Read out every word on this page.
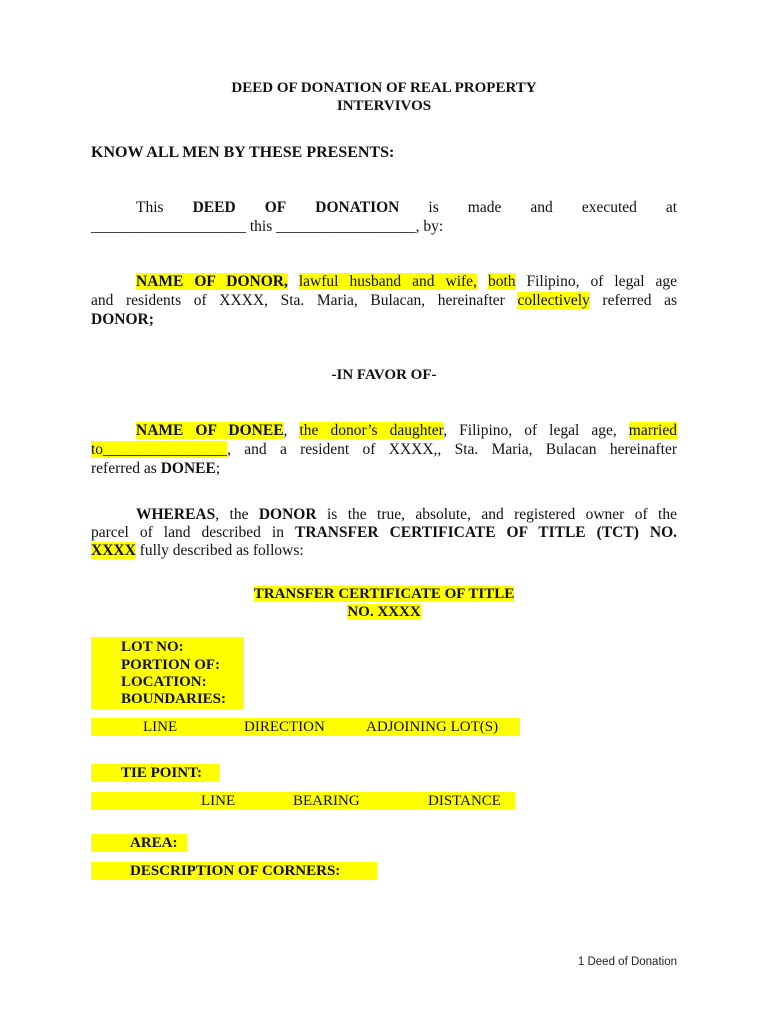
DEED OF DONATION OF REAL PROPERTY
INTERVIVOS
KNOW ALL MEN BY THESE PRESENTS:
This DEED OF DONATION is made and executed at
____________________ this __________________, by:
NAME OF DONOR, lawful husband and wife, both Filipino, of legal age
and residents of XXXX, Sta. Maria, Bulacan, hereinafter collectively referred as
DONOR;
-IN FAVOR OF-
NAME OF DONEE, the donor’s daughter, Filipino, of legal age, married
to________________, and a resident of XXXX,, Sta. Maria, Bulacan hereinafter
referred as DONEE;
WHEREAS, the DONOR is the true, absolute, and registered owner of the
parcel of land described in TRANSFER CERTIFICATE OF TITLE (TCT) NO.
XXXX fully described as follows:
TRANSFER CERTIFICATE OF TITLE
NO. XXXX
LOT NO:
PORTION OF:
LOCATION:
BOUNDARIES:
LINE	DIRECTION	ADJOINING LOT(S)
TIE POINT:
LINE	BEARING	DISTANCE
AREA:
DESCRIPTION OF CORNERS:
1 Deed of Donation
